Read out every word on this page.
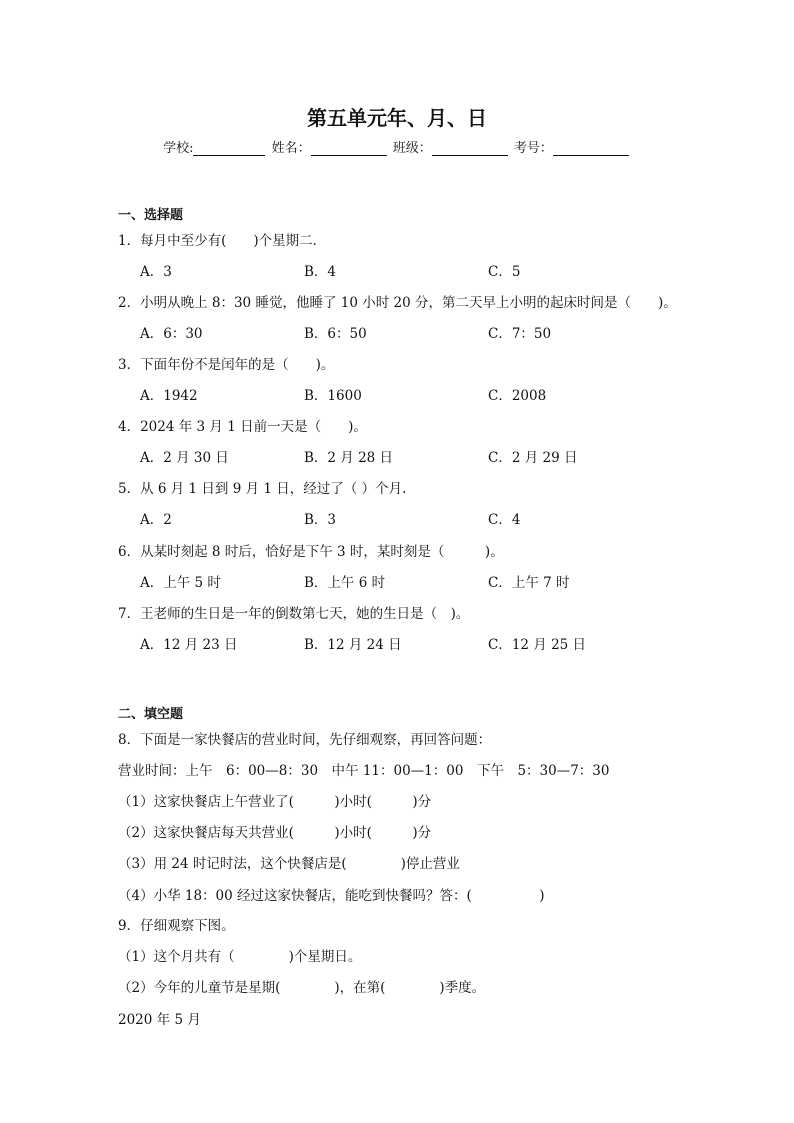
第五单元年、月、日
学校:	姓名：	班级：	考号：
一、选择题
1．每月中至少有(　　)个星期二．
A．3	B．4	C．5
2．小明从晚上 8：30 睡觉，他睡了 10 小时 20 分，第二天早上小明的起床时间是（　　)。
A．6：30	B．6：50	C．7：50
3．下面年份不是闰年的是（　　)。
A．1942	B．1600	C．2008
4．2024 年 3 月 1 日前一天是（　　)。
A．2 月 30 日	B．2 月 28 日	C．2 月 29 日
5．从 6 月 1 日到 9 月 1 日，经过了（ ）个月.
A．2	B．3	C．4
6．从某时刻起 8 时后，恰好是下午 3 时，某时刻是（　　　)。
A．上午 5 时	B．上午 6 时	C．上午 7 时
7．王老师的生日是一年的倒数第七天，她的生日是（　)。
A．12 月 23 日	B．12 月 24 日	C．12 月 25 日
二、填空题
8．下面是一家快餐店的营业时间，先仔细观察，再回答问题：
营业时间：上午　6：00—8：30　中午 11：00—1：00　下午　5：30—7：30
（1）这家快餐店上午营业了(　　　)小时(　　　)分
（2）这家快餐店每天共营业(　　　)小时(　　　)分
（3）用 24 时记时法，这个快餐店是(　　　　)停止营业
（4）小华 18：00 经过这家快餐店，能吃到快餐吗？答：(　　　　　)
9．仔细观察下图。
（1）这个月共有（　　　　)个星期日。
（2）今年的儿童节是星期(　　　　)，在第(　　　　)季度。
2020 年 5 月
